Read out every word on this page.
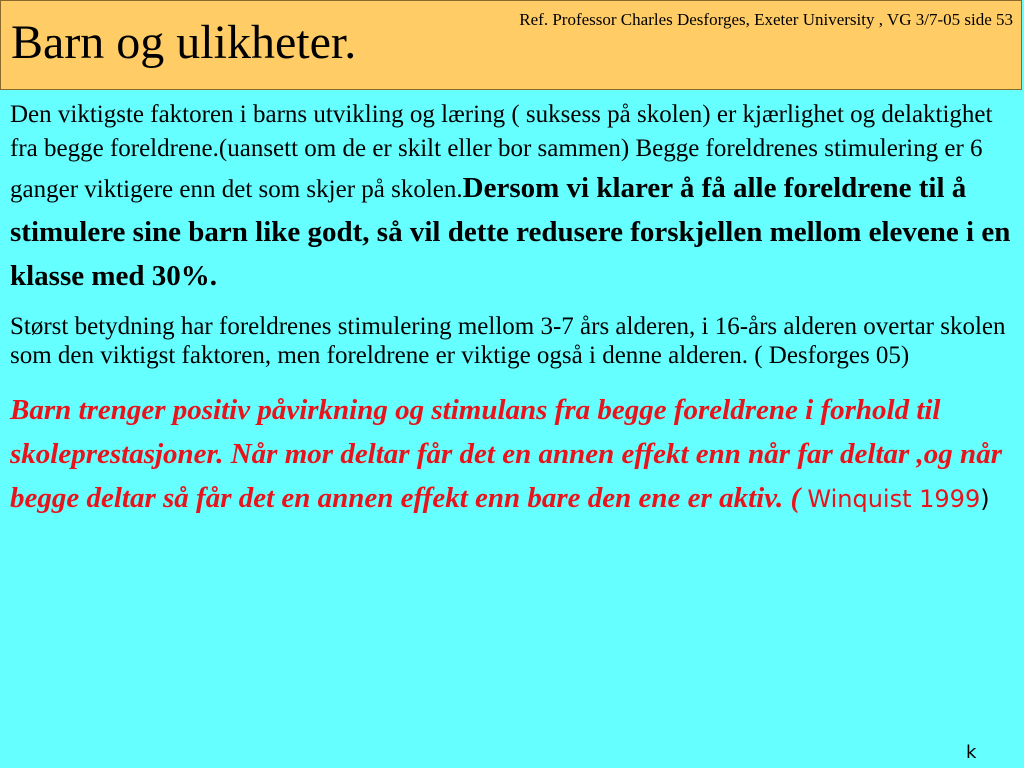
Barn og ulikheter.	Ref. Professor Charles Desforges, Exeter University , VG 3/7-05 side 53

Den viktigste faktoren i barns utvikling og læring ( suksess på skolen) er kjærlighet og delaktighet fra begge foreldrene.(uansett om de er skilt eller bor sammen) Begge foreldrenes stimulering er 6 ganger viktigere enn det som skjer på skolen.Dersom vi klarer å få alle foreldrene til å stimulere sine barn like godt, så vil dette redusere forskjellen mellom elevene i en klasse med 30%.

Størst betydning har foreldrenes stimulering mellom 3-7 års alderen, i 16-års alderen overtar skolen som den viktigst faktoren, men foreldrene er viktige også i denne alderen. ( Desforges 05)

Barn trenger positiv påvirkning og stimulans fra begge foreldrene i forhold til skoleprestasjoner. Når mor deltar får det en annen effekt enn når far deltar ,og når begge deltar så får det en annen effekt enn bare den ene er aktiv. ( Winquist 1999)

k
